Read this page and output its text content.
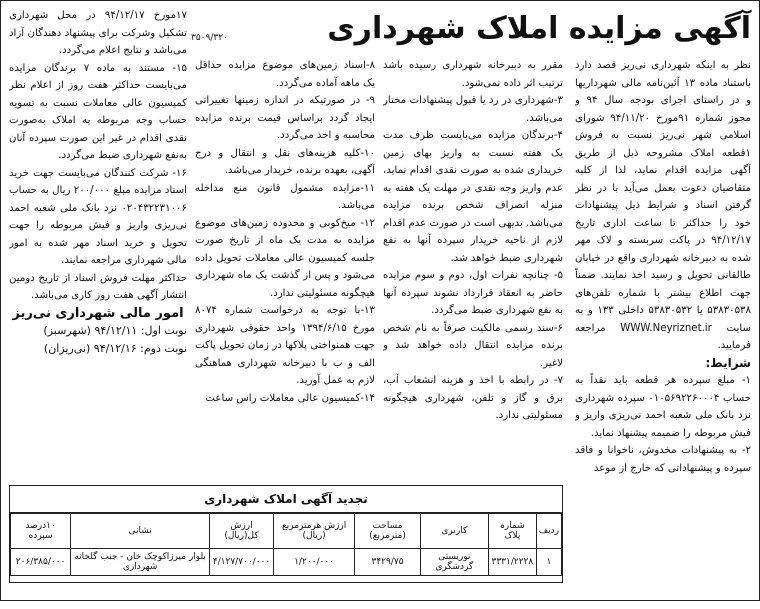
آگهی مزایده املاک شهرداری
۳۵۰۹/۳۲۰

نظر به اینکه شهرداری نی‌ریز قصد دارد باستناد ماده ۱۳ آئین‌نامه مالی شهرداریها و در راستای اجرای بودجه سال ۹۴ و مجوز شماره ۹۱مورخ ۹۴/۱۱/۲۰ شورای اسلامی شهر نی‌ریز نسبت به فروش ۱قطعه املاک مشروحه ذیل از طریق آگهی مزایده اقدام نماید، لذا از کلیه متقاضیان دعوت بعمل می‌آید با در نظر گرفتن اسناد و شرایط ذیل پیشنهادات خود را حداکثر تا ساعت اداری تاریخ ۹۴/۱۲/۱۷ در پاکت سربسته و لاک مهر شده به دبیرخانه شهرداری واقع در خیابان طالقانی تحویل و رسید اخذ نمایند. ضمناً جهت اطلاع بیشتر با شماره تلفن‌های ۵۳۸۳۰۵۳۸ یا ۵۳۸۳۰۵۳۲ داخلی ۱۳۳ و به سایت WWW.Neyriznet.ir مراجعه فرمایید.

شرایط:

۱- مبلغ سپرده هر قطعه باید نقداً به حساب ۰۱۰۵۶۹۲۲۶۰۰۰۴ سپرده شهرداری نزد بانک ملی شعبه احمد نی‌ریزی واریز و فیش مربوطه را ضمیمه پیشنهاد نماید.

۲- به پیشنهادات مخدوش، ناخوانا و فاقد سپرده و پیشنهاداتی که خارج از موعد

مقرر به دبیرخانه شهرداری رسیده باشد ترتیب اثر داده نمی‌شود.

۳-شهرداری در رد یا قبول پیشنهادات مختار می‌باشد.

۴-برندگان مزایده می‌بایست ظرف مدت یک هفته نسبت به واریز بهای زمین خریداری شده به صورت نقدی اقدام نماید، عدم واریز وجه نقدی در مهلت یک هفته به منزله انصراف شخص برنده مزایده می‌باشد. بدیهی است در صورت عدم اقدام لازم از ناحیه خریدار سپرده آنها به نفع شهرداری ضبط خواهد شد.

۵- چنانچه نفرات اول، دوم و سوم مزایده حاضر به انعقاد قرارداد نشوند سپرده آنها به نفع شهرداری ضبط می‌گردد.

۶-سند رسمی مالکیت صرفاً به نام شخص برنده مزایده انتقال داده خواهد شد و لاغیر.

۷- در رابطه با اخذ و هزینه انشعاب آب، برق و گاز و تلفن، شهرداری هیچگونه مسئولیتی ندارد.

۸-اسناد زمین‌های موضوع مزایده حداقل یک ماهه آماده می‌گردد.

۹- در صورتیکه در اندازه زمینها تغییراتی ایجاد گردد براساس قیمت برنده مزایده محاسبه و اخذ می‌گردد.

۱۰-کلیه هزینه‌های نقل و انتقال و درج آگهی، بعهده برنده، خریدار می‌باشد.

۱۱-مزایده مشمول قانون منع مداخله می‌باشد.

۱۲- میخ‌کوبی و محدوده زمین‌های موضوع مزایده به مدت یک ماه از تاریخ صورت جلسه کمیسیون عالی معاملات تحویل داده می‌شود و پس از گذشت یک ماه شهرداری هیچگونه مسئولیتی ندارد.

۱۳-با توجه به درخواست شماره ۸۰۷۴ مورخ ۱۳۹۴/۶/۱۵ واحد حقوقی شهرداری جهت همنواختی پلاکها در زمان تحویل پاکت الف و ب با دبیرخانه شهرداری هماهنگی لازم به عمل آورید.

۱۴-کمیسیون عالی معاملات راس ساعت

۱۷مورخ ۹۴/۱۲/۱۷ در محل شهرداری تشکیل وشرکت برای پیشنهاد دهندگان آزاد می‌باشد و نتایج اعلام می‌گردد.

۱۵- مستند به ماده ۷ برندگان مزایده می‌بایست حداکثر هفت روز از اعلام نظر کمیسیون عالی معاملات نسبت به تسویه حساب وجه مربوطه به املاک به‌صورت نقدی اقدام در غیر این صورت سپرده آنان به‌نفع شهرداری ضبط می‌گردد.

۱۶- شرکت کنندگان می‌بایست جهت خرید اسناد مزایده مبلغ ۲۰۰/۰۰۰ ریال به حساب ۰۲۰۴۳۲۲۳۱۰۰۶ نزد بانک ملی شعبه احمد نی‌ریزی واریز و فیش مربوطه را جهت تحویل و خرید اسناد مهر شده به امور مالی شهرداری مراجعه نمایند.

حداکثر مهلت فروش اسناد از تاریخ دومین انتشار آگهی هفت روز کاری می‌باشد.

امور مالی شهرداری نی‌ریز

نوبت اول: ۹۴/۱۲/۱۱ (شهرسبز)

نوبت دوم: ۹۴/۱۲/۱۶ (نی‌ریزان)

تجدید آگهی املاک شهرداری
ردیف	شماره پلاک	کاربری	مساحت (مترمربع)	ارزش هرمترمربع (ریال)	ارزش کل(ریال)	نشانی	۱۰درصد سپرده
۱	۳۳۳۱/۲۲۲۸	توریستی گردشگری	۳۴۲۹/۷۵	۱/۲۰۰/۰۰۰	۴/۱۲۷/۷۰۰/۰۰۰	بلوار میرزاکوچک خان - جنب گلخانه شهرداری	۲۰۶/۳۸۵/۰۰۰
